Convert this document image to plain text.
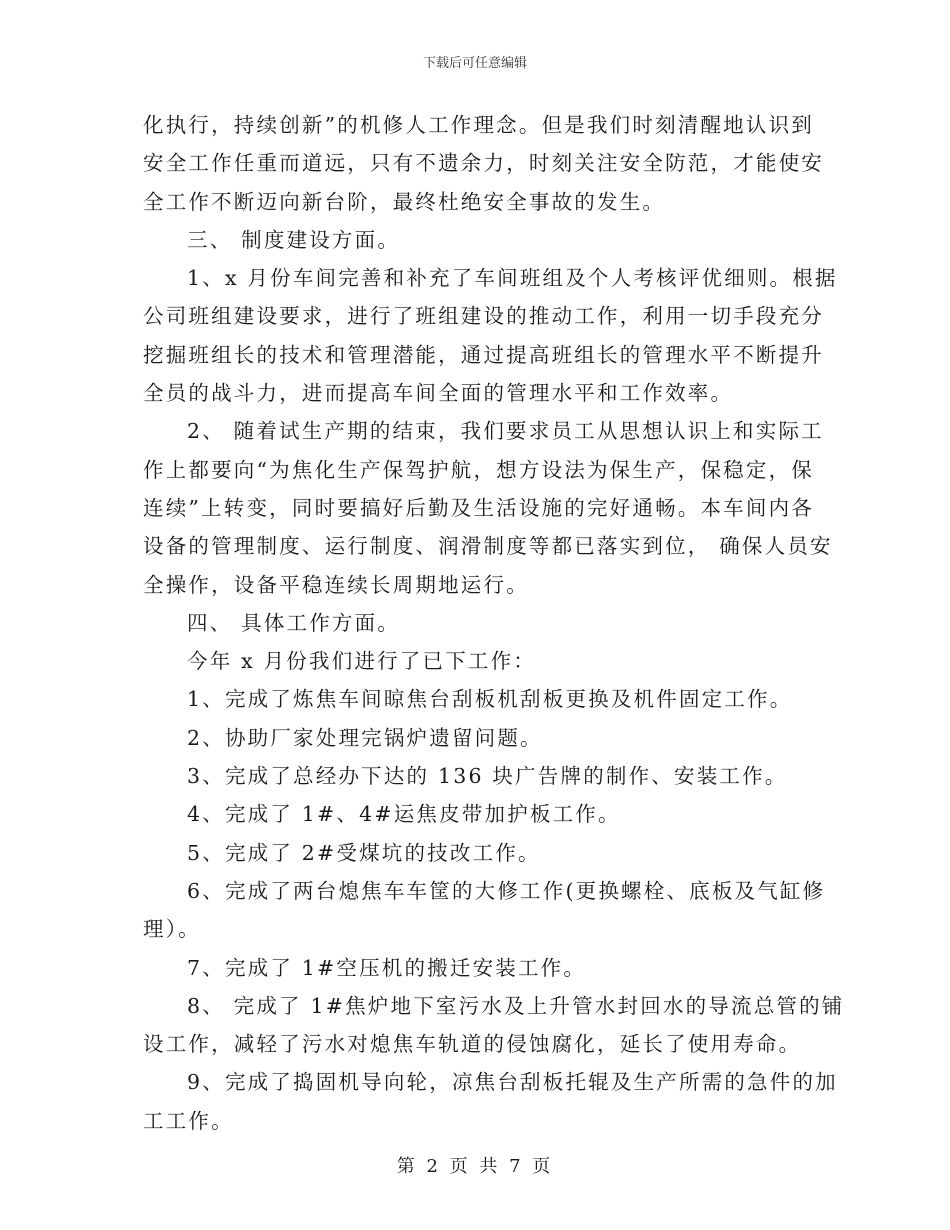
下载后可任意编辑
化执行，持续创新”的机修人工作理念。但是我们时刻清醒地认识到
安全工作任重而道远，只有不遗余力，时刻关注安全防范，才能使安
全工作不断迈向新台阶，最终杜绝安全事故的发生。
三、 制度建设方面。
1、x 月份车间完善和补充了车间班组及个人考核评优细则。根据
公司班组建设要求，进行了班组建设的推动工作，利用一切手段充分
挖掘班组长的技术和管理潜能，通过提高班组长的管理水平不断提升
全员的战斗力，进而提高车间全面的管理水平和工作效率。
2、 随着试生产期的结束，我们要求员工从思想认识上和实际工
作上都要向“为焦化生产保驾护航，想方设法为保生产，保稳定，保
连续”上转变，同时要搞好后勤及生活设施的完好通畅。本车间内各
设备的管理制度、运行制度、润滑制度等都已落实到位， 确保人员安
全操作，设备平稳连续长周期地运行。
四、 具体工作方面。
今年 x 月份我们进行了已下工作：
1、完成了炼焦车间晾焦台刮板机刮板更换及机件固定工作。
2、协助厂家处理完锅炉遗留问题。
3、完成了总经办下达的 136 块广告牌的制作、安装工作。
4、完成了 1#、4#运焦皮带加护板工作。
5、完成了 2#受煤坑的技改工作。
6、完成了两台熄焦车车筐的大修工作(更换螺栓、底板及气缸修
理）。
7、完成了 1#空压机的搬迁安装工作。
8、 完成了 1#焦炉地下室污水及上升管水封回水的导流总管的铺
设工作，减轻了污水对熄焦车轨道的侵蚀腐化，延长了使用寿命。
9、完成了捣固机导向轮，凉焦台刮板托辊及生产所需的急件的加
工工作。
第 2 页 共 7 页
